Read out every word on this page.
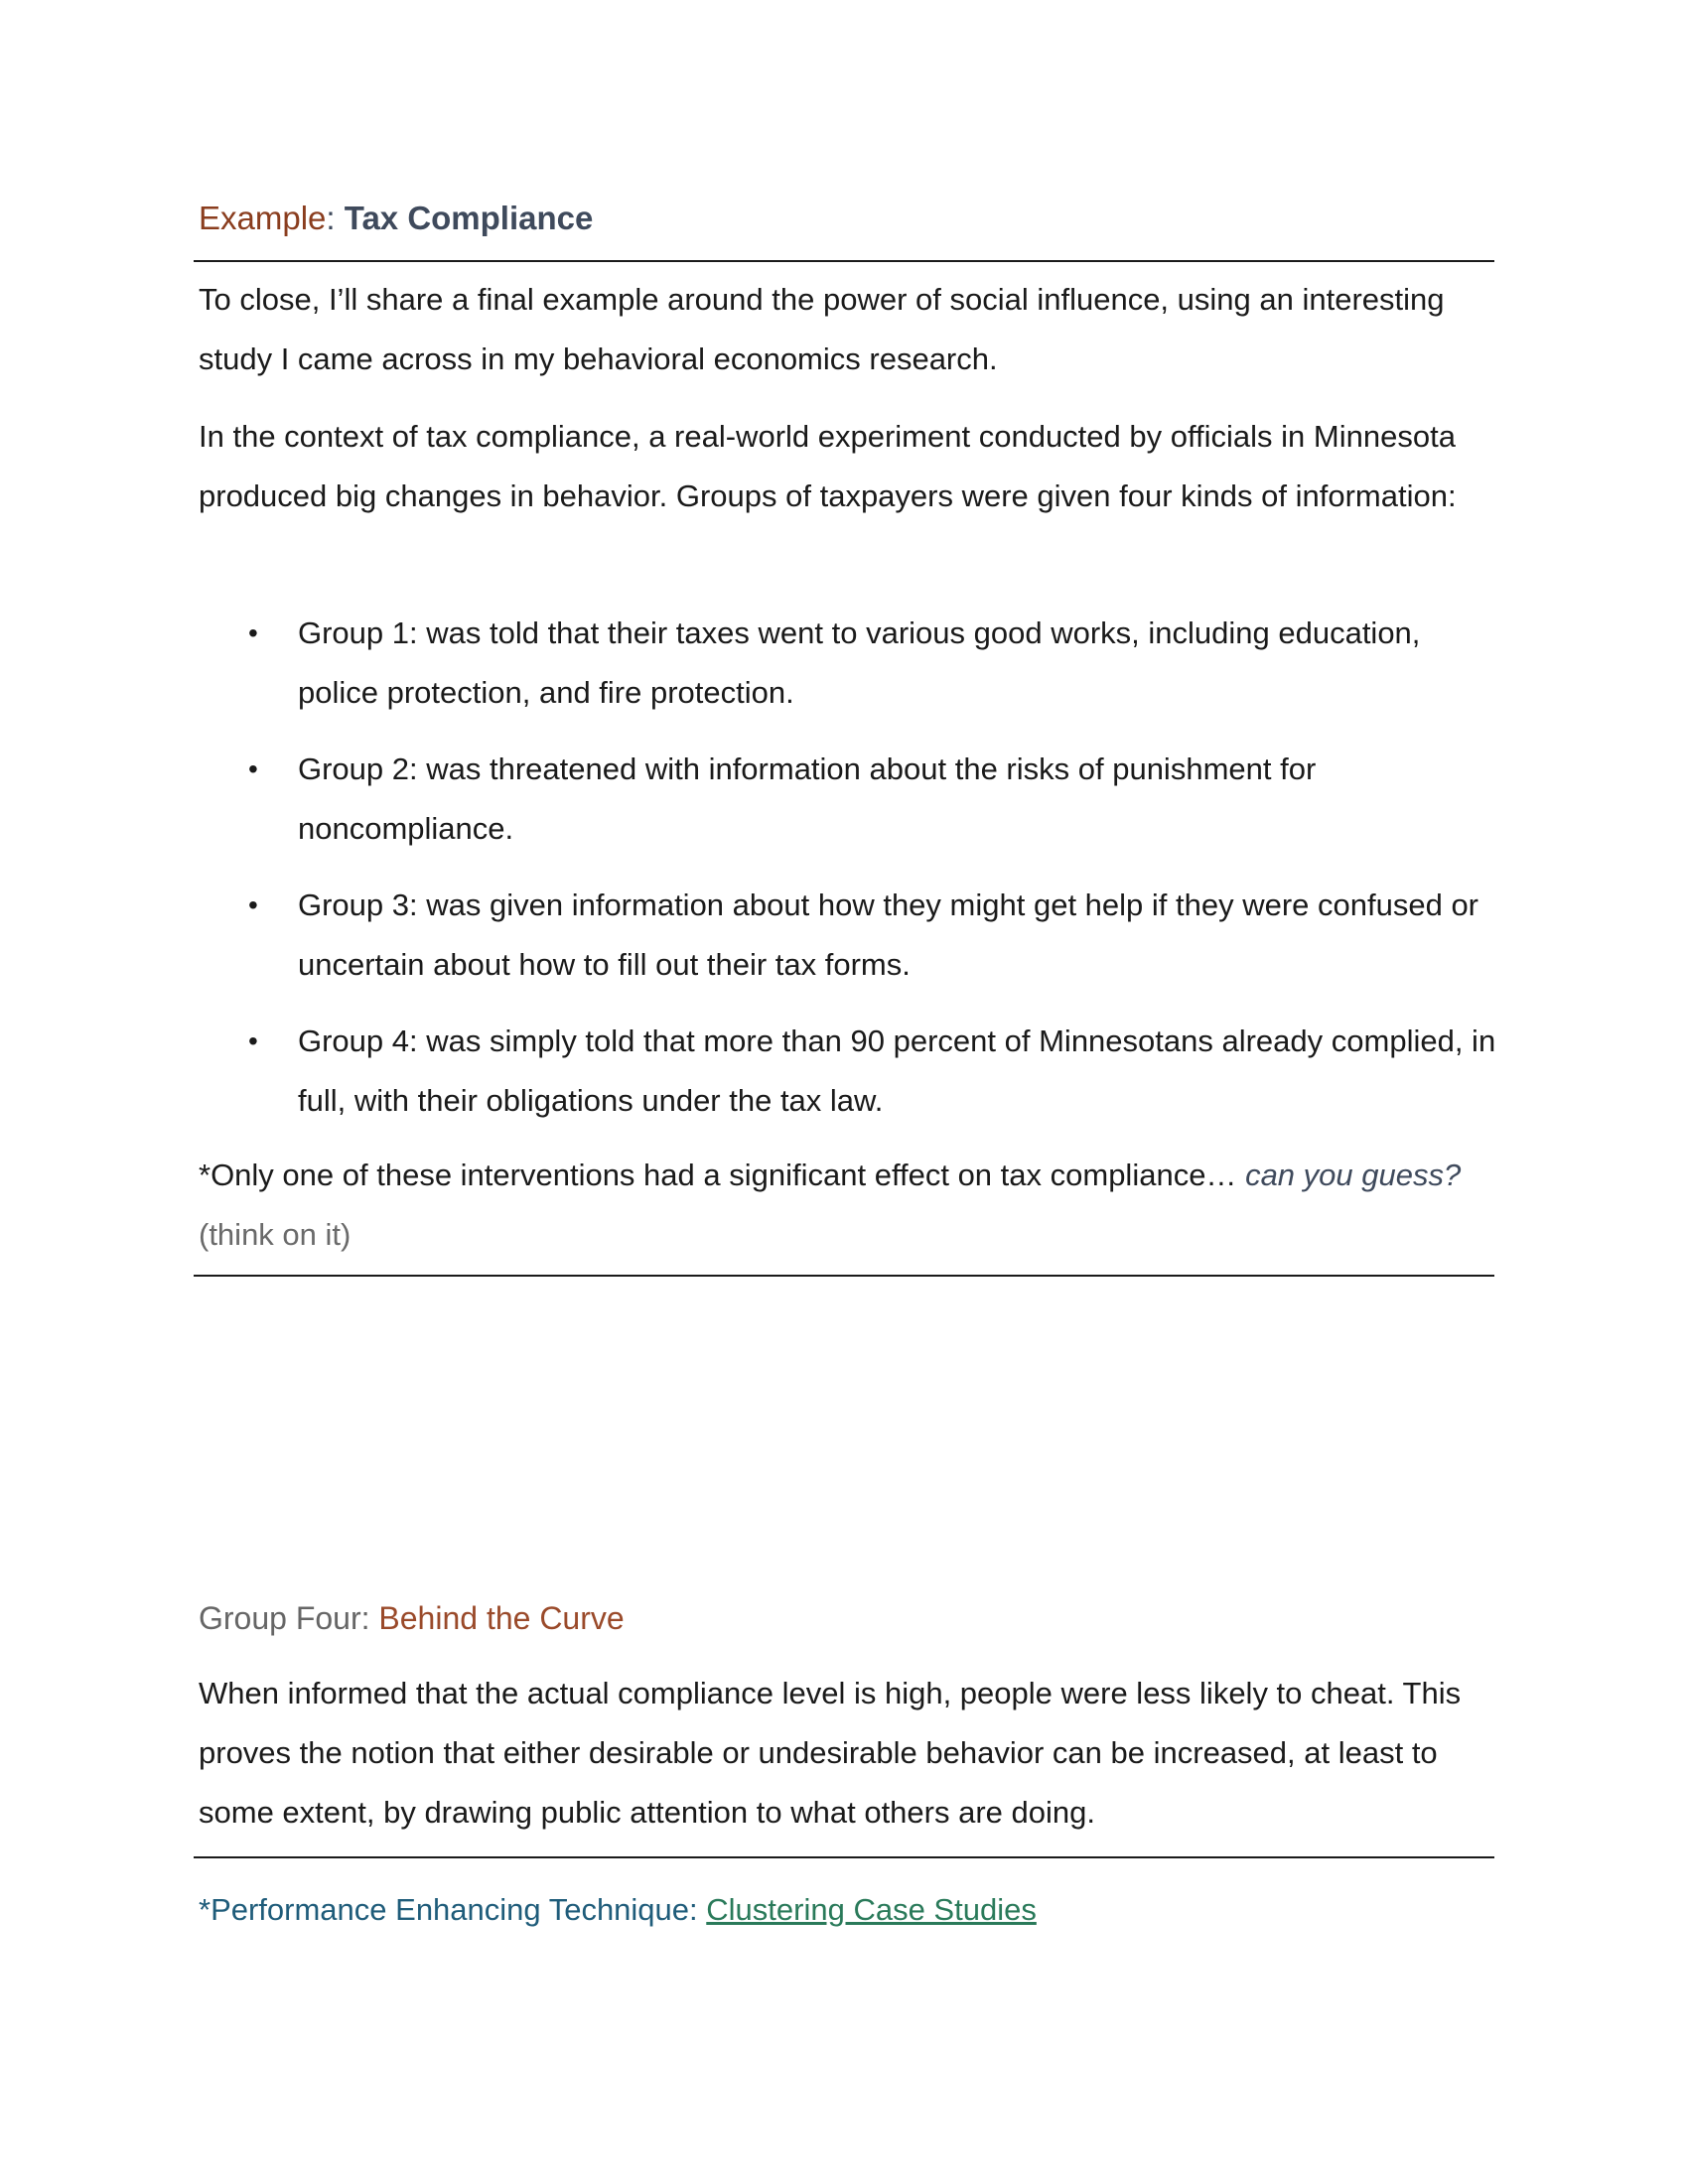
Example: Tax Compliance

To close, I’ll share a final example around the power of social influence, using an interesting study I came across in my behavioral economics research.

In the context of tax compliance, a real-world experiment conducted by officials in Minnesota produced big changes in behavior. Groups of taxpayers were given four kinds of information:

• Group 1: was told that their taxes went to various good works, including education, police protection, and fire protection.
• Group 2: was threatened with information about the risks of punishment for noncompliance.
• Group 3: was given information about how they might get help if they were confused or uncertain about how to fill out their tax forms.
• Group 4: was simply told that more than 90 percent of Minnesotans already complied, in full, with their obligations under the tax law.

*Only one of these interventions had a significant effect on tax compliance… can you guess? (think on it)

Group Four: Behind the Curve

When informed that the actual compliance level is high, people were less likely to cheat. This proves the notion that either desirable or undesirable behavior can be increased, at least to some extent, by drawing public attention to what others are doing.

*Performance Enhancing Technique: Clustering Case Studies
